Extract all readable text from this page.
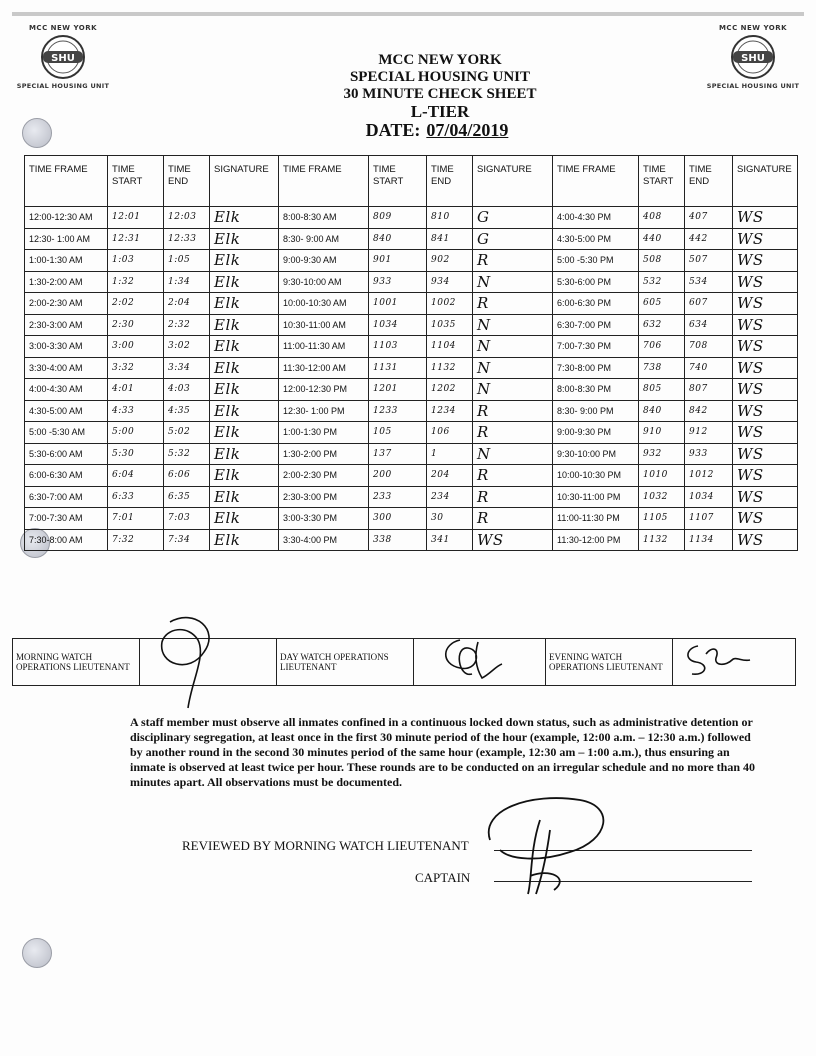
MCC NEW YORK
SHU
SPECIAL HOUSING UNIT
MCC NEW YORK
SHU
SPECIAL HOUSING UNIT
MCC NEW YORK
SPECIAL HOUSING UNIT
30 MINUTE CHECK SHEET
L-TIER
DATE: 07/04/2019
TIME FRAME	TIME START	TIME END	SIGNATURE	TIME FRAME	TIME START	TIME END	SIGNATURE	TIME FRAME	TIME START	TIME END	SIGNATURE
12:00-12:30 AM	12:01	12:03	Elk	8:00-8:30 AM	809	810	G	4:00-4:30 PM	408	407	WS
12:30- 1:00 AM	12:31	12:33	Elk	8:30- 9:00 AM	840	841	G	4:30-5:00 PM	440	442	WS
1:00-1:30 AM	1:03	1:05	Elk	9:00-9:30 AM	901	902	R	5:00 -5:30 PM	508	507	WS
1:30-2:00 AM	1:32	1:34	Elk	9:30-10:00 AM	933	934	N	5:30-6:00 PM	532	534	WS
2:00-2:30 AM	2:02	2:04	Elk	10:00-10:30 AM	1001	1002	R	6:00-6:30 PM	605	607	WS
2:30-3:00 AM	2:30	2:32	Elk	10:30-11:00 AM	1034	1035	N	6:30-7:00 PM	632	634	WS
3:00-3:30 AM	3:00	3:02	Elk	11:00-11:30 AM	1103	1104	N	7:00-7:30 PM	706	708	WS
3:30-4:00 AM	3:32	3:34	Elk	11:30-12:00 AM	1131	1132	N	7:30-8:00 PM	738	740	WS
4:00-4:30 AM	4:01	4:03	Elk	12:00-12:30 PM	1201	1202	N	8:00-8:30 PM	805	807	WS
4:30-5:00 AM	4:33	4:35	Elk	12:30- 1:00 PM	1233	1234	R	8:30- 9:00 PM	840	842	WS
5:00 -5:30 AM	5:00	5:02	Elk	1:00-1:30 PM	105	106	R	9:00-9:30 PM	910	912	WS
5:30-6:00 AM	5:30	5:32	Elk	1:30-2:00 PM	137	1	N	9:30-10:00 PM	932	933	WS
6:00-6:30 AM	6:04	6:06	Elk	2:00-2:30 PM	200	204	R	10:00-10:30 PM	1010	1012	WS
6:30-7:00 AM	6:33	6:35	Elk	2:30-3:00 PM	233	234	R	10:30-11:00 PM	1032	1034	WS
7:00-7:30 AM	7:01	7:03	Elk	3:00-3:30 PM	300	30	R	11:00-11:30 PM	1105	1107	WS
7:30-8:00 AM	7:32	7:34	Elk	3:30-4:00 PM	338	341	WS	11:30-12:00 PM	1132	1134	WS
MORNING WATCH OPERATIONS LIEUTENANT		DAY WATCH OPERATIONS LIEUTENANT		EVENING WATCH OPERATIONS LIEUTENANT	
A staff member must observe all inmates confined in a continuous locked down status, such as administrative detention or disciplinary segregation, at least once in the first 30 minute period of the hour (example, 12:00 a.m. – 12:30 a.m.) followed by another round in the second 30 minutes period of the same hour (example, 12:30 am – 1:00 a.m.), thus ensuring an inmate is observed at least twice per hour. These rounds are to be conducted on an irregular schedule and no more than 40 minutes apart. All observations must be documented.
REVIEWED BY MORNING WATCH LIEUTENANT
CAPTAIN
